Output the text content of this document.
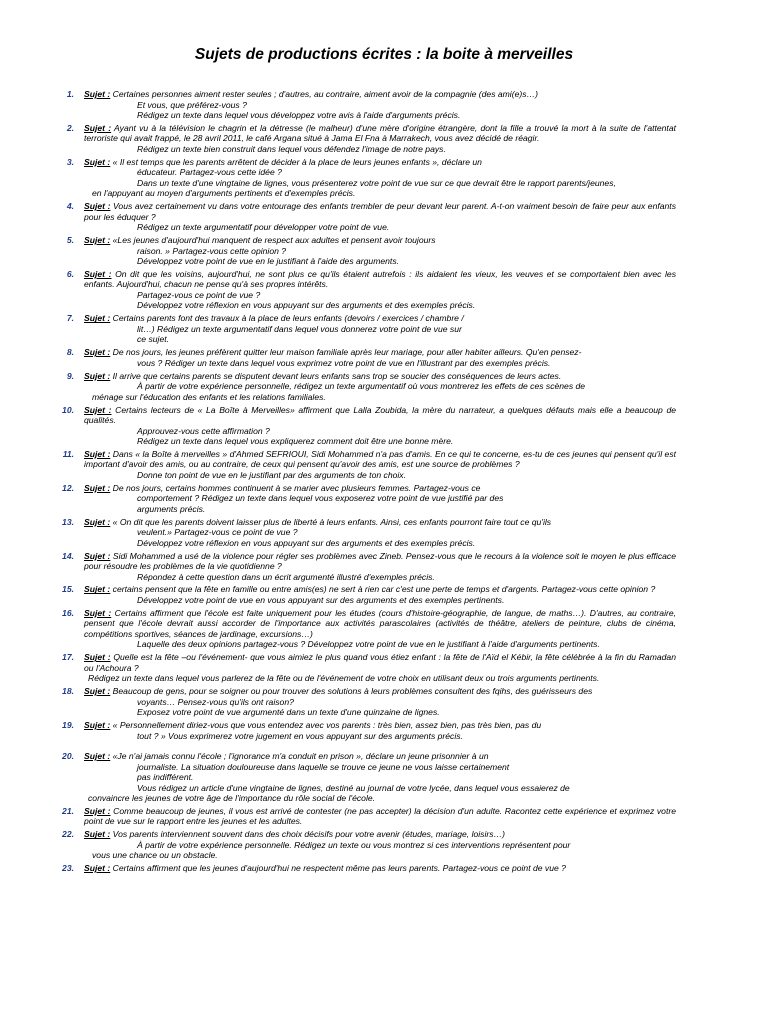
Sujets de productions écrites : la boite à merveilles
1. Sujet : Certaines personnes aiment rester seules ; d'autres, au contraire, aiment avoir de la compagnie (des ami(e)s…)
Et vous, que préférez-vous ?
Rédigez un texte dans lequel vous développez votre avis à l'aide d'arguments précis.
2. Sujet : Ayant vu à la télévision le chagrin et la détresse (le malheur) d'une mère d'origine étrangère, dont la fille a trouvé la mort à la suite de l'attentat terroriste qui avait frappé, le 28 avril 2011, le café Argana situé à Jama El Fna à Marrakech, vous avez décidé de réagir.
Rédigez un texte bien construit dans lequel vous défendez l'image de notre pays.
3. Sujet : « Il est temps que les parents arrêtent de décider à la place de leurs jeunes enfants », déclare un
éducateur. Partagez-vous cette idée ?
Dans un texte d'une vingtaine de lignes, vous présenterez votre point de vue sur ce que devrait être le rapport parents/jeunes,
en l'appuyant au moyen d'arguments pertinents et d'exemples précis.
4. Sujet : Vous avez certainement vu dans votre entourage des enfants trembler de peur devant leur parent. A-t-on vraiment besoin de faire peur aux enfants pour les éduquer ?
Rédigez un texte argumentatif pour développer votre point de vue.
5. Sujet : «Les jeunes d'aujourd'hui manquent de respect aux adultes et pensent avoir toujours
raison. » Partagez-vous cette opinion ?
Développez votre point de vue en le justifiant à l'aide des arguments.
6. Sujet : On dit que les voisins, aujourd'hui, ne sont plus ce qu'ils étaient autrefois : ils aidaient les vieux, les veuves et se comportaient bien avec les enfants. Aujourd'hui, chacun ne pense qu'à ses propres intérêts.
Partagez-vous ce point de vue ?
Développez votre réflexion en vous appuyant sur des arguments et des exemples précis.
7. Sujet : Certains parents font des travaux à la place de leurs enfants (devoirs / exercices / chambre /
lit…) Rédigez un texte argumentatif dans lequel vous donnerez votre point de vue sur
ce sujet.
8. Sujet : De nos jours, les jeunes préfèrent quitter leur maison familiale après leur mariage, pour aller habiter ailleurs. Qu'en pensez-
vous ? Rédiger un texte dans lequel vous exprimez votre point de vue en l'illustrant par des exemples précis.
9. Sujet : Il arrive que certains parents se disputent devant leurs enfants sans trop se soucier des conséquences de leurs actes.
À partir de votre expérience personnelle, rédigez un texte argumentatif où vous montrerez les effets de ces scènes de
ménage sur l'éducation des enfants et les relations familiales.
10. Sujet : Certains lecteurs de « La Boîte à Merveilles» affirment que Lalla Zoubida, la mère du narrateur, a quelques défauts mais elle a beaucoup de qualités.
Approuvez-vous cette affirmation ?
Rédigez un texte dans lequel vous expliquerez comment doit être une bonne mère.
11. Sujet : Dans « la Boîte à merveilles » d'Ahmed SEFRIOUI, Sidi Mohammed n'a pas d'amis. En ce qui te concerne, es-tu de ces jeunes qui pensent qu'il est important d'avoir des amis, ou au contraire, de ceux qui pensent qu'avoir des amis, est une source de problèmes ?
Donne ton point de vue en le justifiant par des arguments de ton choix.
12. Sujet : De nos jours, certains hommes continuent à se marier avec plusieurs femmes. Partagez-vous ce
comportement ? Rédigez un texte dans lequel vous exposerez votre point de vue justifié par des
arguments précis.
13. Sujet : « On dit que les parents doivent laisser plus de liberté à leurs enfants. Ainsi, ces enfants pourront faire tout ce qu'ils
veulent.» Partagez-vous ce point de vue ?
Développez votre réflexion en vous appuyant sur des arguments et des exemples précis.
14. Sujet : Sidi Mohammed a usé de la violence pour régler ses problèmes avec Zineb. Pensez-vous que le recours à la violence soit le moyen le plus efficace pour résoudre les problèmes de la vie quotidienne ?
Répondez à cette question dans un écrit argumenté illustré d'exemples précis.
15. Sujet : certains pensent que la fête en famille ou entre amis(es) ne sert à rien car c'est une perte de temps et d'argents. Partagez-vous cette opinion ?
Développez votre point de vue en vous appuyant sur des arguments et des exemples pertinents.
16. Sujet : Certains affirment que l'école est faite uniquement pour les études (cours d'histoire-géographie, de langue, de maths…). D'autres, au contraire, pensent que l'école devrait aussi accorder de l'importance aux activités parascolaires (activités de théâtre, ateliers de peinture, clubs de cinéma, compétitions sportives, séances de jardinage, excursions…)
Laquelle des deux opinions partagez-vous ? Développez votre point de vue en le justifiant à l'aide d'arguments pertinents.
17. Sujet : Quelle est la fête –ou l'événement- que vous aimiez le plus quand vous étiez enfant : la fête de l'Aïd el Kébir, la fête célébrée à la fin du Ramadan ou l'Achoura ?
Rédigez un texte dans lequel vous parlerez de la fête ou de l'événement de votre choix en utilisant deux ou trois arguments pertinents.
18. Sujet : Beaucoup de gens, pour se soigner ou pour trouver des solutions à leurs problèmes consultent des fqihs, des guérisseurs des
voyants… Pensez-vous qu'ils ont raison?
Exposez votre point de vue argumenté dans un texte d'une quinzaine de lignes.
19. Sujet : « Personnellement diriez-vous que vous entendez avec vos parents : très bien, assez bien, pas très bien, pas du
tout ? » Vous exprimerez votre jugement en vous appuyant sur des arguments précis.
20. Sujet : «Je n'ai jamais connu l'école ; l'ignorance m'a conduit en prison », déclare un jeune prisonnier à un
journaliste. La situation douloureuse dans laquelle se trouve ce jeune ne vous laisse certainement
pas indifférent.
Vous rédigez un article d'une vingtaine de lignes, destiné au journal de votre lycée, dans lequel vous essaierez de
convaincre les jeunes de votre âge de l'importance du rôle social de l'école.
21. Sujet : Comme beaucoup de jeunes, il vous est arrivé de contester (ne pas accepter) la décision d'un adulte. Racontez cette expérience et exprimez votre point de vue sur le rapport entre les jeunes et les adultes.
22. Sujet : Vos parents interviennent souvent dans des choix décisifs pour votre avenir (études, mariage, loisirs…)
À partir de votre expérience personnelle. Rédigez un texte ou vous montrez si ces interventions représentent pour
vous une chance ou un obstacle.
23. Sujet : Certains affirment que les jeunes d'aujourd'hui ne respectent même pas leurs parents. Partagez-vous ce point de vue ?
